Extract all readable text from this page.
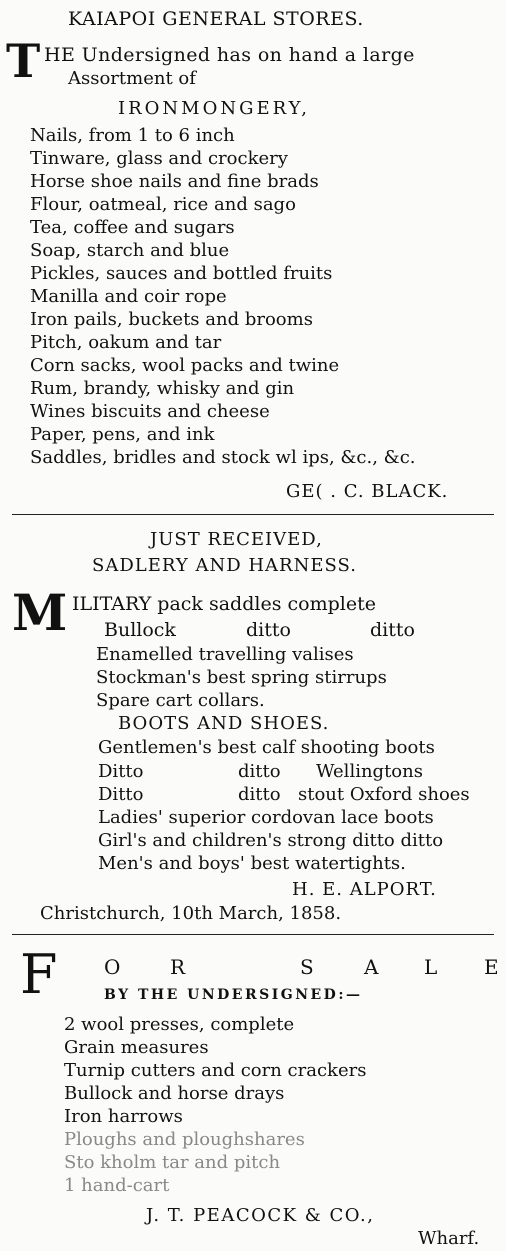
KAIAPOI GENERAL STORES.
T HE Undersigned has on hand a large
Assortment of
IRONMONGERY,
Nails, from 1 to 6 inch
Tinware, glass and crockery
Horse shoe nails and fine brads
Flour, oatmeal, rice and sago
Tea, coffee and sugars
Soap, starch and blue
Pickles, sauces and bottled fruits
Manilla and coir rope
Iron pails, buckets and brooms
Pitch, oakum and tar
Corn sacks, wool packs and twine
Rum, brandy, whisky and gin
Wines biscuits and cheese
Paper, pens, and ink
Saddles, bridles and stock wl ips, &c., &c.
GE( . C. BLACK.
JUST RECEIVED,
SADLERY AND HARNESS.
M ILITARY pack saddles complete
Bullock	ditto	ditto
Enamelled travelling valises
Stockman's best spring stirrups
Spare cart collars.
BOOTS AND SHOES.
Gentlemen's best calf shooting boots
Ditto	ditto Wellingtons
Ditto	ditto stout Oxford shoes
Ladies' superior cordovan lace boots
Girl's and children's strong ditto ditto
Men's and boys' best watertights.
H. E. ALPORT.
Christchurch, 10th March, 1858.
F O R	S	A L E
BY THE UNDERSIGNED:—
2 wool presses, complete
Grain measures
Turnip cutters and corn crackers
Bullock and horse drays
Iron harrows
Ploughs and ploughshares
Sto kholm tar and pitch
1 hand-cart
J. T. PEACOCK & CO.,
Wharf.
